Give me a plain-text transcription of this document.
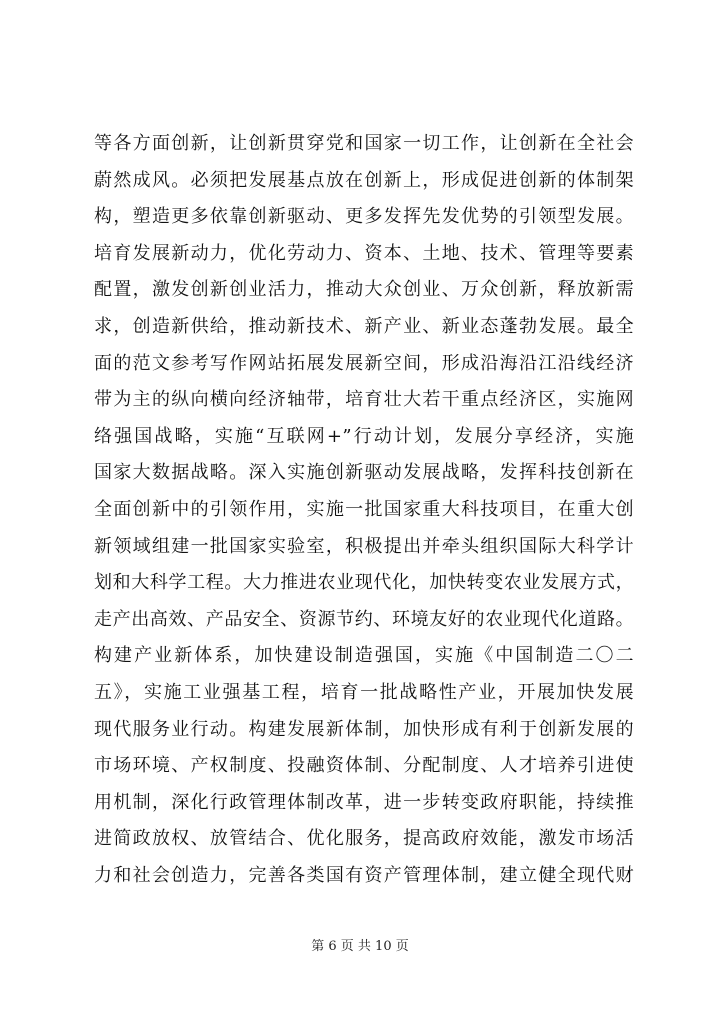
等各方面创新，让创新贯穿党和国家一切工作，让创新在全社会
蔚然成风。必须把发展基点放在创新上，形成促进创新的体制架
构，塑造更多依靠创新驱动、更多发挥先发优势的引领型发展。
培育发展新动力，优化劳动力、资本、土地、技术、管理等要素
配置，激发创新创业活力，推动大众创业、万众创新，释放新需
求，创造新供给，推动新技术、新产业、新业态蓬勃发展。最全
面的范文参考写作网站拓展发展新空间，形成沿海沿江沿线经济
带为主的纵向横向经济轴带，培育壮大若干重点经济区，实施网
络强国战略，实施“互联网+”行动计划，发展分享经济，实施
国家大数据战略。深入实施创新驱动发展战略，发挥科技创新在
全面创新中的引领作用，实施一批国家重大科技项目，在重大创
新领域组建一批国家实验室，积极提出并牵头组织国际大科学计
划和大科学工程。大力推进农业现代化，加快转变农业发展方式，
走产出高效、产品安全、资源节约、环境友好的农业现代化道路。
构建产业新体系，加快建设制造强国，实施《中国制造二〇二
五》，实施工业强基工程，培育一批战略性产业，开展加快发展
现代服务业行动。构建发展新体制，加快形成有利于创新发展的
市场环境、产权制度、投融资体制、分配制度、人才培养引进使
用机制，深化行政管理体制改革，进一步转变政府职能，持续推
进简政放权、放管结合、优化服务，提高政府效能，激发市场活
力和社会创造力，完善各类国有资产管理体制，建立健全现代财
第 6 页 共 10 页
